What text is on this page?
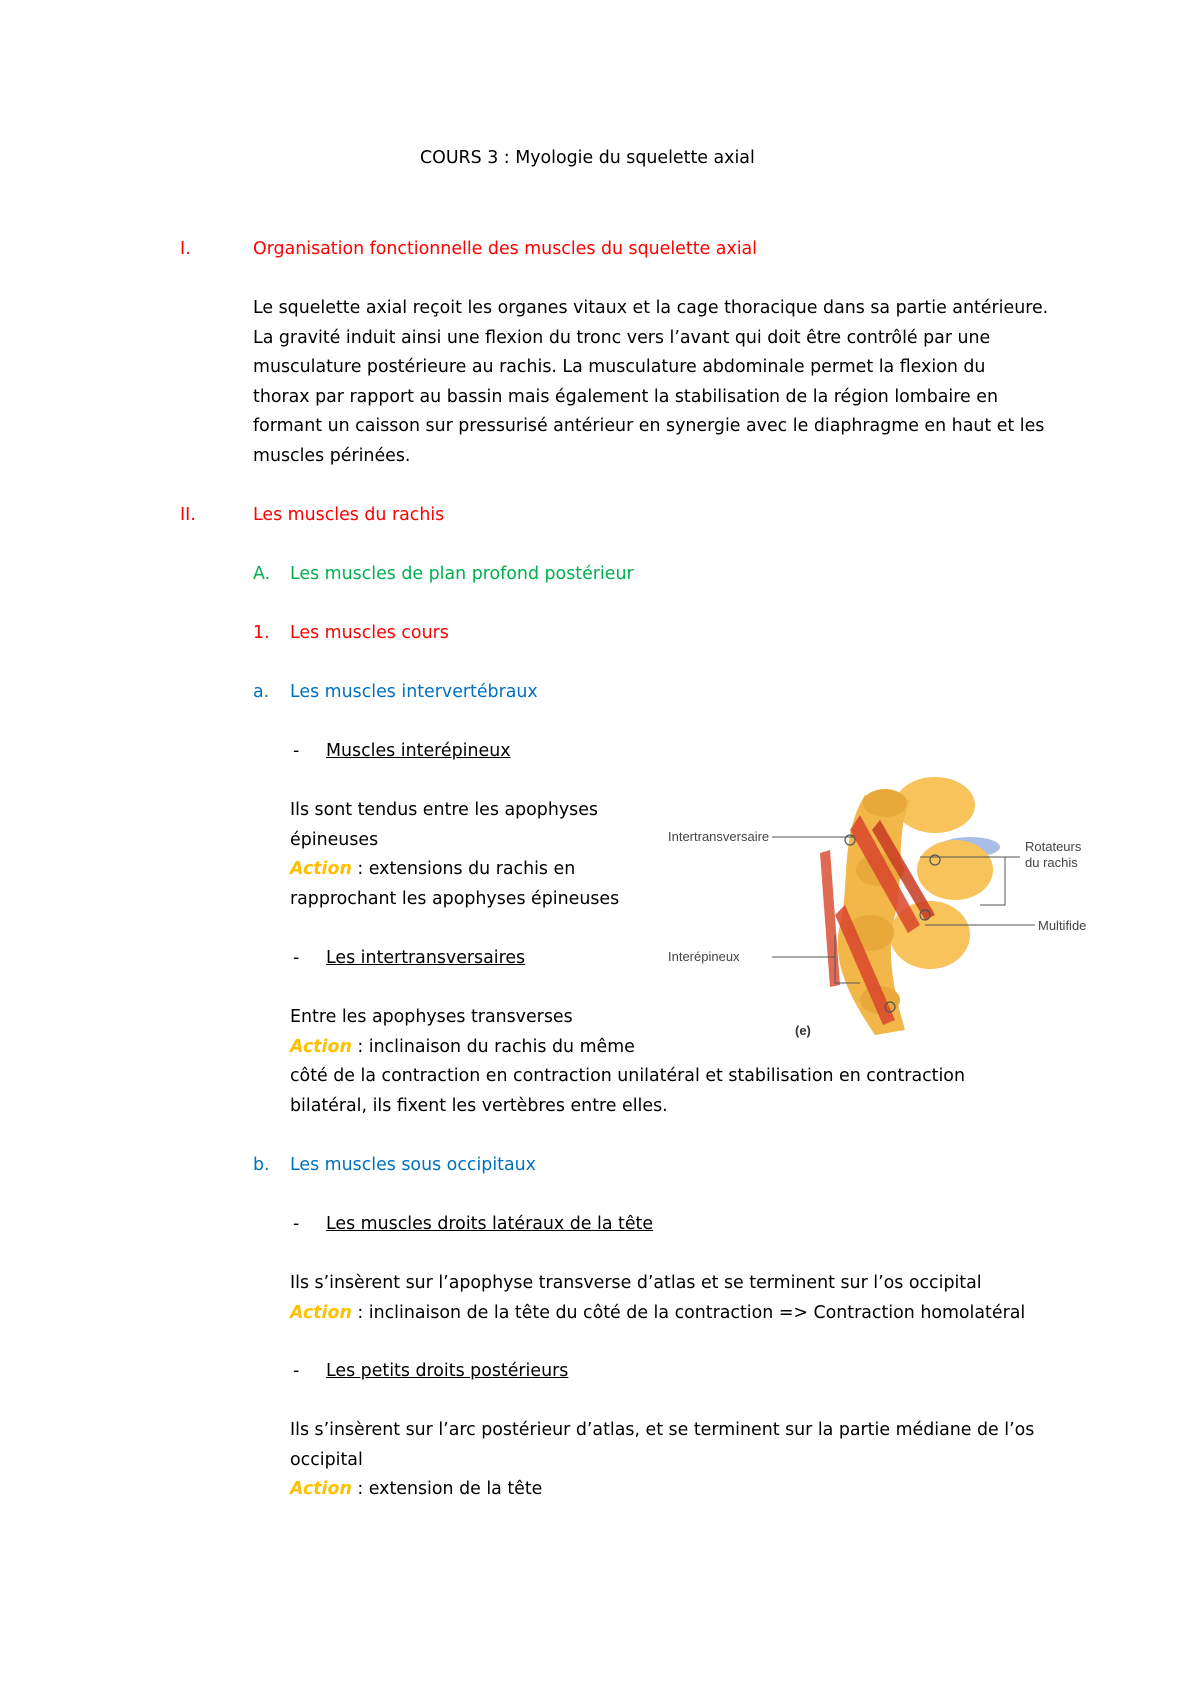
COURS 3 : Myologie du squelette axial
I.	Organisation fonctionnelle des muscles du squelette axial
Le squelette axial reçoit les organes vitaux et la cage thoracique dans sa partie antérieure.
La gravité induit ainsi une flexion du tronc vers l’avant qui doit être contrôlé par une
musculature postérieure au rachis. La musculature abdominale permet la flexion du
thorax par rapport au bassin mais également la stabilisation de la région lombaire en
formant un caisson sur pressurisé antérieur en synergie avec le diaphragme en haut et les
muscles périnées.
II.	Les muscles du rachis
A. Les muscles de plan profond postérieur
1. Les muscles cours
a. Les muscles intervertébraux
- Muscles interépineux
Ils sont tendus entre les apophyses
épineuses
Action : extensions du rachis en
rapprochant les apophyses épineuses
- Les intertransversaires
Entre les apophyses transverses
Action : inclinaison du rachis du même
côté de la contraction en contraction unilatéral et stabilisation en contraction
bilatéral, ils fixent les vertèbres entre elles.
b. Les muscles sous occipitaux
- Les muscles droits latéraux de la tête
Ils s’insèrent sur l’apophyse transverse d’atlas et se terminent sur l’os occipital
Action : inclinaison de la tête du côté de la contraction => Contraction homolatéral
- Les petits droits postérieurs
Ils s’insèrent sur l’arc postérieur d’atlas, et se terminent sur la partie médiane de l’os
occipital
Action : extension de la tête
Intertransversaire
Interépineux
Rotateurs
du rachis
Multifide
(e)
